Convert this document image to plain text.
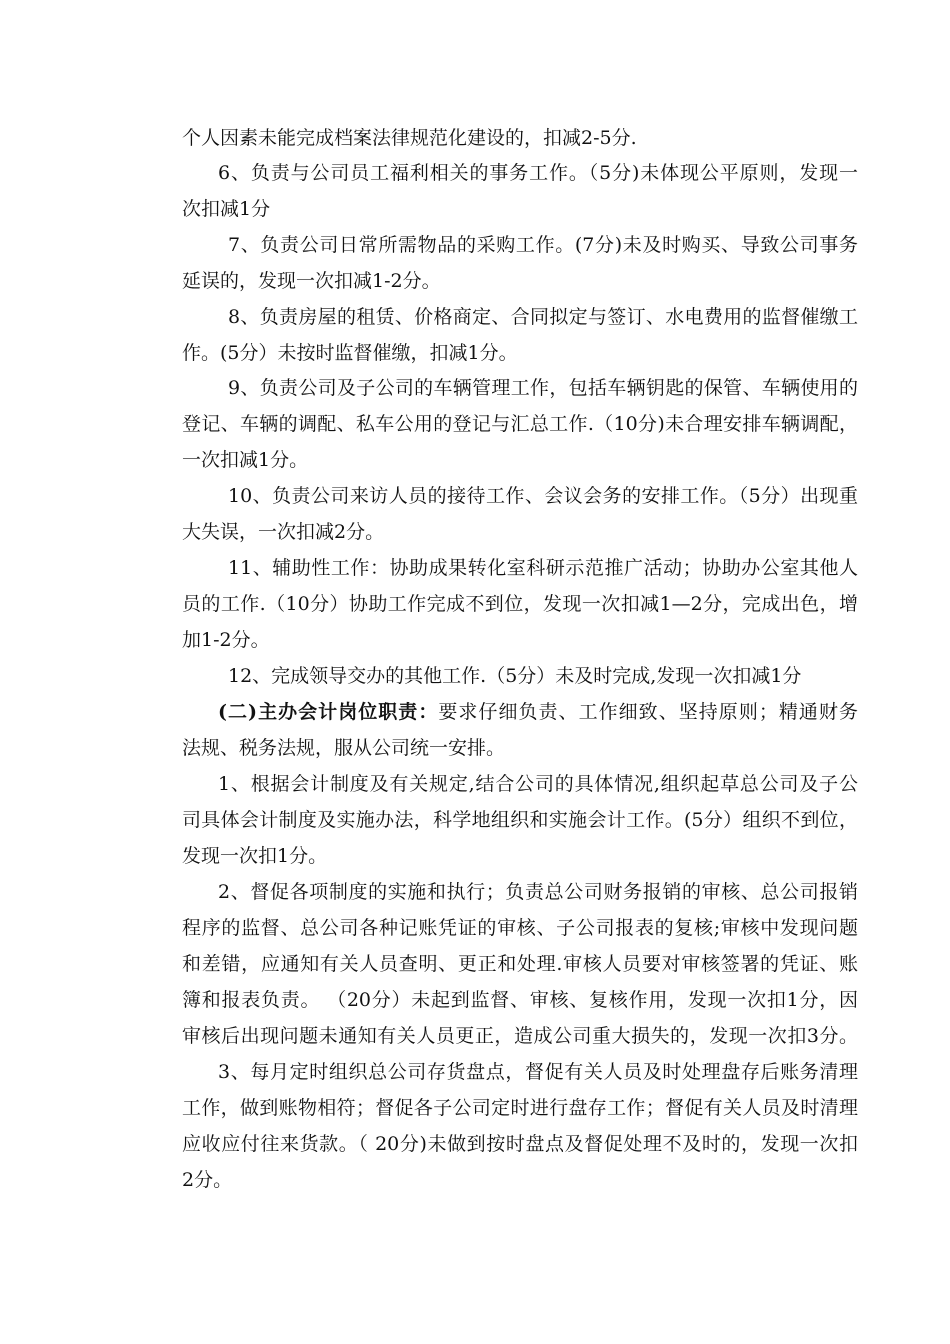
个人因素未能完成档案法律规范化建设的，扣减2-5分.
6、负责与公司员工福利相关的事务工作。（5分)未体现公平原则，发现一
次扣减1分
7、负责公司日常所需物品的采购工作。(7分)未及时购买、导致公司事务
延误的，发现一次扣减1-2分。
8、负责房屋的租赁、价格商定、合同拟定与签订、水电费用的监督催缴工
作。(5分）未按时监督催缴，扣减1分。
9、负责公司及子公司的车辆管理工作，包括车辆钥匙的保管、车辆使用的
登记、车辆的调配、私车公用的登记与汇总工作.（10分)未合理安排车辆调配，
一次扣减1分。
10、负责公司来访人员的接待工作、会议会务的安排工作。（5分）出现重
大失误，一次扣减2分。
11、辅助性工作：协助成果转化室科研示范推广活动；协助办公室其他人
员的工作.（10分）协助工作完成不到位，发现一次扣减1—2分，完成出色，增
加1-2分。
12、完成领导交办的其他工作.（5分）未及时完成,发现一次扣减1分
(二)主办会计岗位职责：要求仔细负责、工作细致、坚持原则；精通财务
法规、税务法规，服从公司统一安排。
1、根据会计制度及有关规定,结合公司的具体情况,组织起草总公司及子公
司具体会计制度及实施办法，科学地组织和实施会计工作。(5分）组织不到位，
发现一次扣1分。
2、督促各项制度的实施和执行；负责总公司财务报销的审核、总公司报销
程序的监督、总公司各种记账凭证的审核、子公司报表的复核;审核中发现问题
和差错，应通知有关人员查明、更正和处理.审核人员要对审核签署的凭证、账
簿和报表负责。 （20分）未起到监督、审核、复核作用，发现一次扣1分，因
审核后出现问题未通知有关人员更正，造成公司重大损失的，发现一次扣3分。
3、每月定时组织总公司存货盘点，督促有关人员及时处理盘存后账务清理
工作，做到账物相符；督促各子公司定时进行盘存工作；督促有关人员及时清理
应收应付往来货款。（ 20分)未做到按时盘点及督促处理不及时的，发现一次扣
2分。
